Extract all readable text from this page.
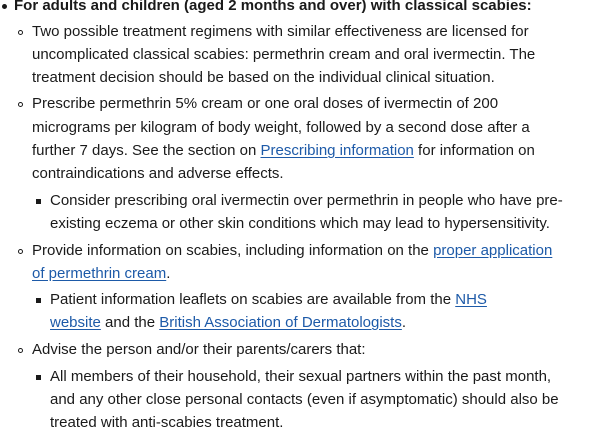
For adults and children (aged 2 months and over) with classical scabies:
Two possible treatment regimens with similar effectiveness are licensed for
uncomplicated classical scabies: permethrin cream and oral ivermectin. The
treatment decision should be based on the individual clinical situation.
Prescribe permethrin 5% cream or one oral doses of ivermectin of 200
micrograms per kilogram of body weight, followed by a second dose after a
further 7 days. See the section on Prescribing information for information on
contraindications and adverse effects.
Consider prescribing oral ivermectin over permethrin in people who have pre-
existing eczema or other skin conditions which may lead to hypersensitivity.
Provide information on scabies, including information on the proper application
of permethrin cream.
Patient information leaflets on scabies are available from the NHS
website and the British Association of Dermatologists.
Advise the person and/or their parents/carers that:
All members of their household, their sexual partners within the past month,
and any other close personal contacts (even if asymptomatic) should also be
treated with anti-scabies treatment.
